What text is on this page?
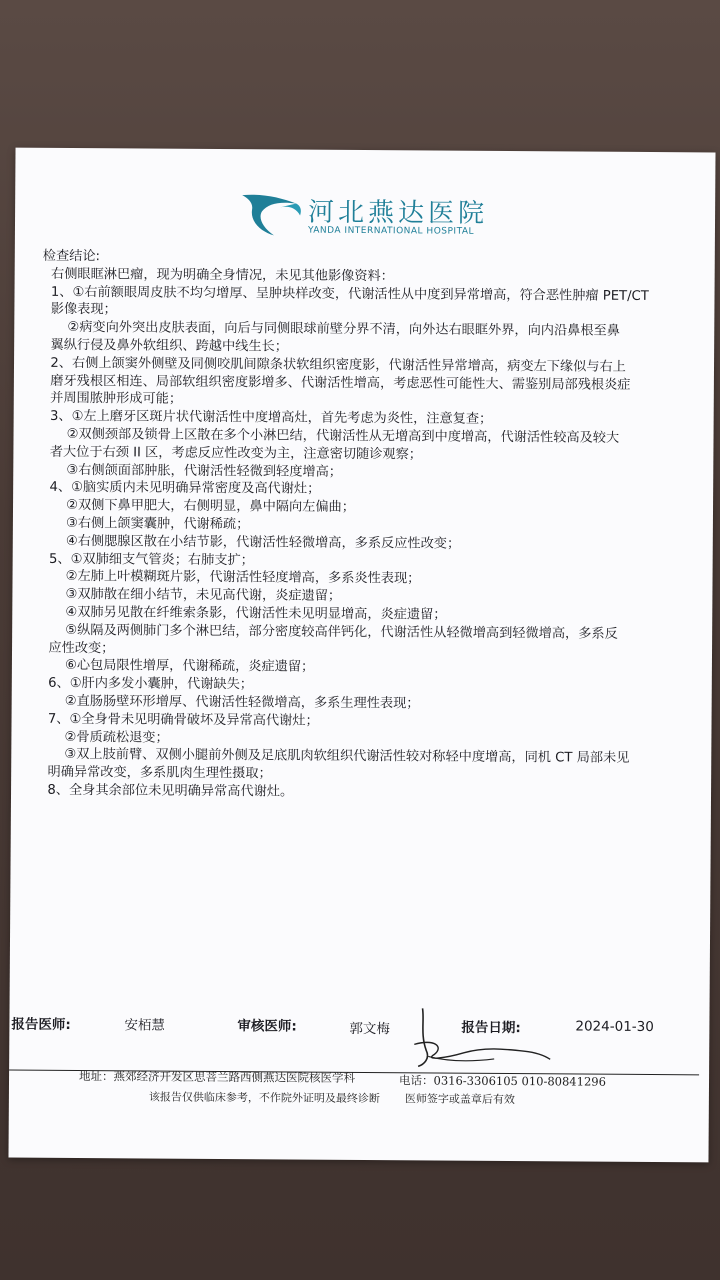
河北燕达医院
YANDA INTERNATIONAL HOSPITAL
检查结论:
右侧眼眶淋巴瘤，现为明确全身情况，未见其他影像资料：
1、①右前额眼周皮肤不均匀增厚、呈肿块样改变，代谢活性从中度到异常增高，符合恶性肿瘤 PET/CT
影像表现；
②病变向外突出皮肤表面，向后与同侧眼球前壁分界不清，向外达右眼眶外界，向内沿鼻根至鼻
翼纵行侵及鼻外软组织、跨越中线生长；
2、右侧上颌窦外侧壁及同侧咬肌间隙条状软组织密度影，代谢活性异常增高，病变左下缘似与右上
磨牙残根区相连、局部软组织密度影增多、代谢活性增高，考虑恶性可能性大、需鉴别局部残根炎症
并周围脓肿形成可能；
3、①左上磨牙区斑片状代谢活性中度增高灶，首先考虑为炎性，注意复查；
②双侧颈部及锁骨上区散在多个小淋巴结，代谢活性从无增高到中度增高，代谢活性较高及较大
者大位于右颈 II 区，考虑反应性改变为主，注意密切随诊观察；
③右侧颌面部肿胀，代谢活性轻微到轻度增高；
4、①脑实质内未见明确异常密度及高代谢灶；
②双侧下鼻甲肥大，右侧明显，鼻中隔向左偏曲；
③右侧上颌窦囊肿，代谢稀疏；
④右侧腮腺区散在小结节影，代谢活性轻微增高，多系反应性改变；
5、①双肺细支气管炎；右肺支扩；
②左肺上叶模糊斑片影，代谢活性轻度增高，多系炎性表现；
③双肺散在细小结节，未见高代谢，炎症遗留；
④双肺另见散在纤维索条影，代谢活性未见明显增高，炎症遗留；
⑤纵隔及两侧肺门多个淋巴结，部分密度较高伴钙化，代谢活性从轻微增高到轻微增高，多系反
应性改变；
⑥心包局限性增厚，代谢稀疏，炎症遗留；
6、①肝内多发小囊肿，代谢缺失；
②直肠肠壁环形增厚、代谢活性轻微增高，多系生理性表现；
7、①全身骨未见明确骨破坏及异常高代谢灶；
②骨质疏松退变；
③双上肢前臂、双侧小腿前外侧及足底肌肉软组织代谢活性较对称轻中度增高，同机 CT 局部未见
明确异常改变，多系肌肉生理性摄取；
8、全身其余部位未见明确异常高代谢灶。
报告医师:	安栢慧	审核医师:	郭文梅	报告日期:	2024-01-30
地址：燕郊经济开发区思菩兰路西侧燕达医院核医学科	电话：0316-3306105 010-80841296
该报告仅供临床参考，不作院外证明及最终诊断 医师签字或盖章后有效
